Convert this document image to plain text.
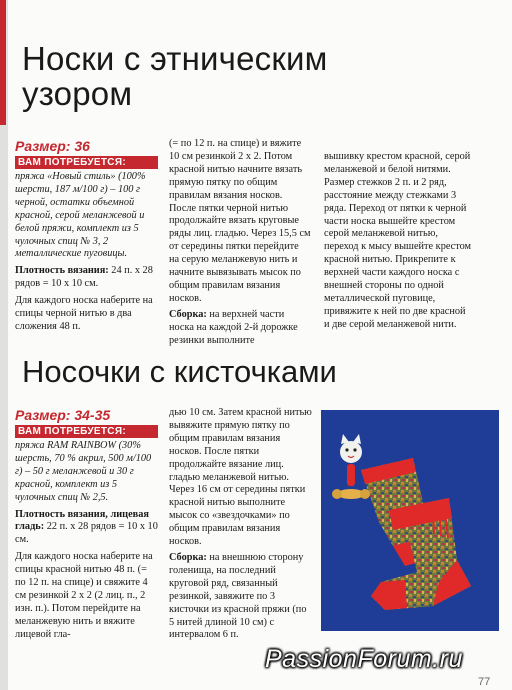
Носки с этническим
узором
Размер: 36
ВАМ ПОТРЕБУЕТСЯ:

пряжа «Новый стиль» (100% шерсти, 187 м/100 г) – 100 г черной, остатки объемной красной, серой меланжевой и белой пряжи, комплект из 5 чулочных спиц № 3, 2 металлические пуговицы.

Плотность вязания: 24 п. x 28 рядов = 10 x 10 см.

Для каждого носка наберите на спицы черной нитью в два сложения 48 п.

(= по 12 п. на спице) и вяжите 10 см резинкой 2 x 2. Потом красной нитью начните вязать прямую пятку по общим правилам вязания носков. После пятки черной нитью продолжайте вязать круговые ряды лиц. гладью. Через 15,5 см от середины пятки перейдите на серую меланжевую нить и начните вывязывать мысок по общим правилам вязания носков.

Сборка: на верхней части носка на каждой 2-й дорожке резинки выполните

вышивку крестом красной, серой меланжевой и белой нитями. Размер стежков 2 п. и 2 ряд, расстояние между стежками 3 ряда. Переход от пятки к черной части носка вышейте крестом серой меланжевой нитью, переход к мысу вышейте крестом красной нитью. Прикрепите к верхней части каждого носка с внешней стороны по одной металлической пуговице, привяжите к ней по две красной и две серой меланжевой нити.

Носочки с кисточками
Размер: 34-35
ВАМ ПОТРЕБУЕТСЯ:

пряжа RAM RAINBOW (30% шерсть, 70 % акрил, 500 м/100 г) – 50 г меланжевой и 30 г красной, комплект из 5 чулочных спиц № 2,5.

Плотность вязания, лицевая гладь: 22 п. x 28 рядов = 10 x 10 см.

Для каждого носка наберите на спицы красной нитью 48 п. (= по 12 п. на спице) и свяжите 4 см резинкой 2 x 2 (2 лиц. п., 2 изн. п.). Потом перейдите на меланжевую нить и вяжите лицевой гла-

дью 10 см. Затем красной нитью вывяжите прямую пятку по общим правилам вязания носков. После пятки продолжайте вязание лиц. гладью меланжевой нитью. Через 16 см от середины пятки красной нитью выполните мысок со «звездочками» по общим правилам вязания носков.

Сборка: на внешнюю сторону голенища, на последний круговой ряд, связанный резинкой, завяжите по 3 кисточки из красной пряжи (по 5 нитей длиной 10 см) с интервалом 6 п.

PassionForum.ru
77
